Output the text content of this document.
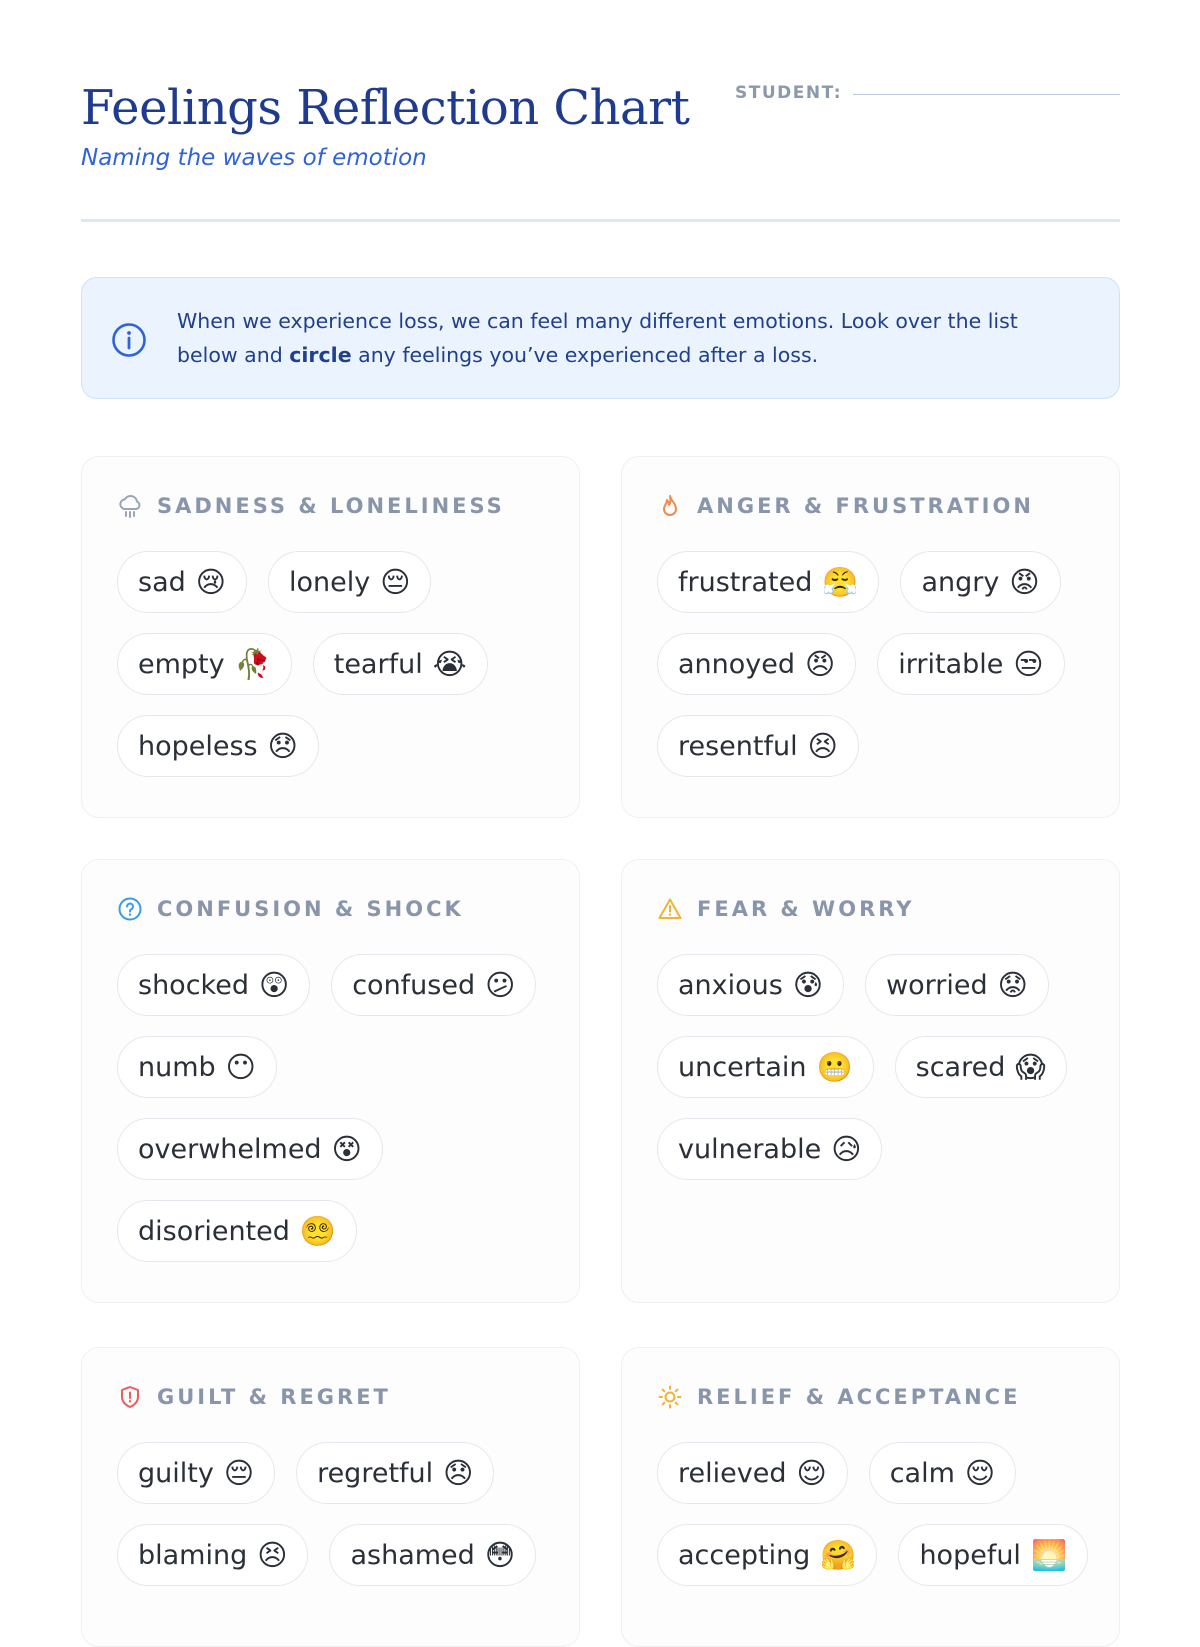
Feelings Reflection Chart
Naming the waves of emotion
STUDENT:
When we experience loss, we can feel many different emotions. Look over the list below and circle any feelings you’ve experienced after a loss.
SADNESS & LONELINESS
sad 😢 lonely 😔
empty 🥀 tearful 😭
hopeless 😞
ANGER & FRUSTRATION
frustrated 😤 angry 😡
annoyed 😠 irritable 😒
resentful 😣
CONFUSION & SHOCK
shocked 😲 confused 😕
numb 😶
overwhelmed 😵
disoriented 😵‍💫
FEAR & WORRY
anxious 😰 worried 😟
uncertain 😬 scared 😱
vulnerable 😥
GUILT & REGRET
guilty 😔 regretful 😞
blaming 😣 ashamed 😳
RELIEF & ACCEPTANCE
relieved 😌 calm 😌
accepting 🤗 hopeful 🌅
